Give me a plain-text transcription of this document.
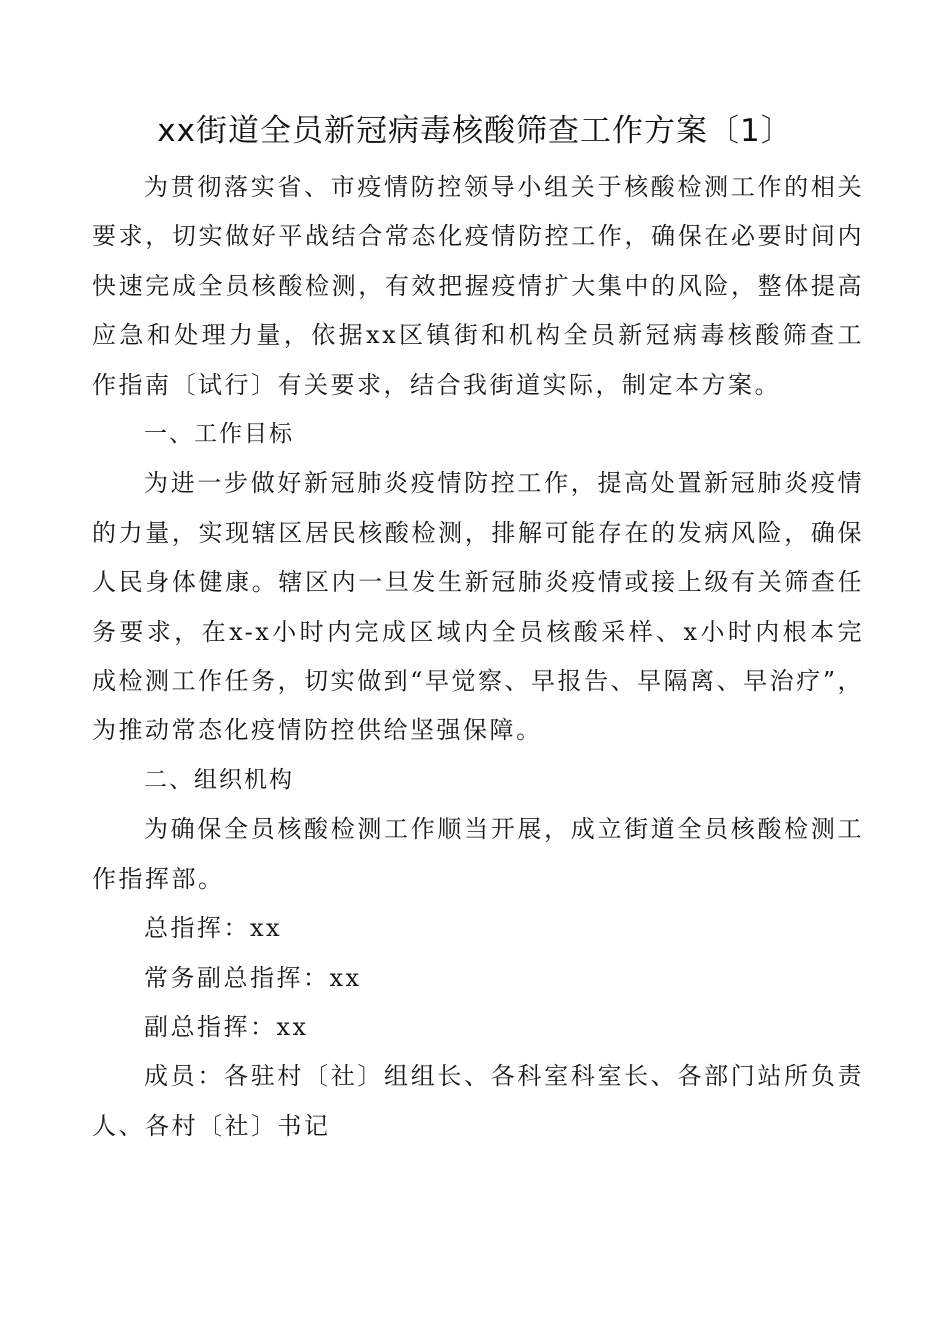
xx街道全员新冠病毒核酸筛查工作方案〔1〕

为贯彻落实省、市疫情防控领导小组关于核酸检测工作的相关要求，切实做好平战结合常态化疫情防控工作，确保在必要时间内快速完成全员核酸检测，有效把握疫情扩大集中的风险，整体提高应急和处理力量，依据xx区镇街和机构全员新冠病毒核酸筛查工作指南〔试行〕有关要求，结合我街道实际，制定本方案。

一、工作目标

为进一步做好新冠肺炎疫情防控工作，提高处置新冠肺炎疫情的力量，实现辖区居民核酸检测，排解可能存在的发病风险，确保人民身体健康。辖区内一旦发生新冠肺炎疫情或接上级有关筛查任务要求，在x-x小时内完成区域内全员核酸采样、x小时内根本完成检测工作任务，切实做到“早觉察、早报告、早隔离、早治疗”，为推动常态化疫情防控供给坚强保障。

二、组织机构

为确保全员核酸检测工作顺当开展，成立街道全员核酸检测工作指挥部。

总指挥：xx

常务副总指挥：xx

副总指挥：xx

成员：各驻村〔社〕组组长、各科室科室长、各部门站所负责人、各村〔社〕书记
